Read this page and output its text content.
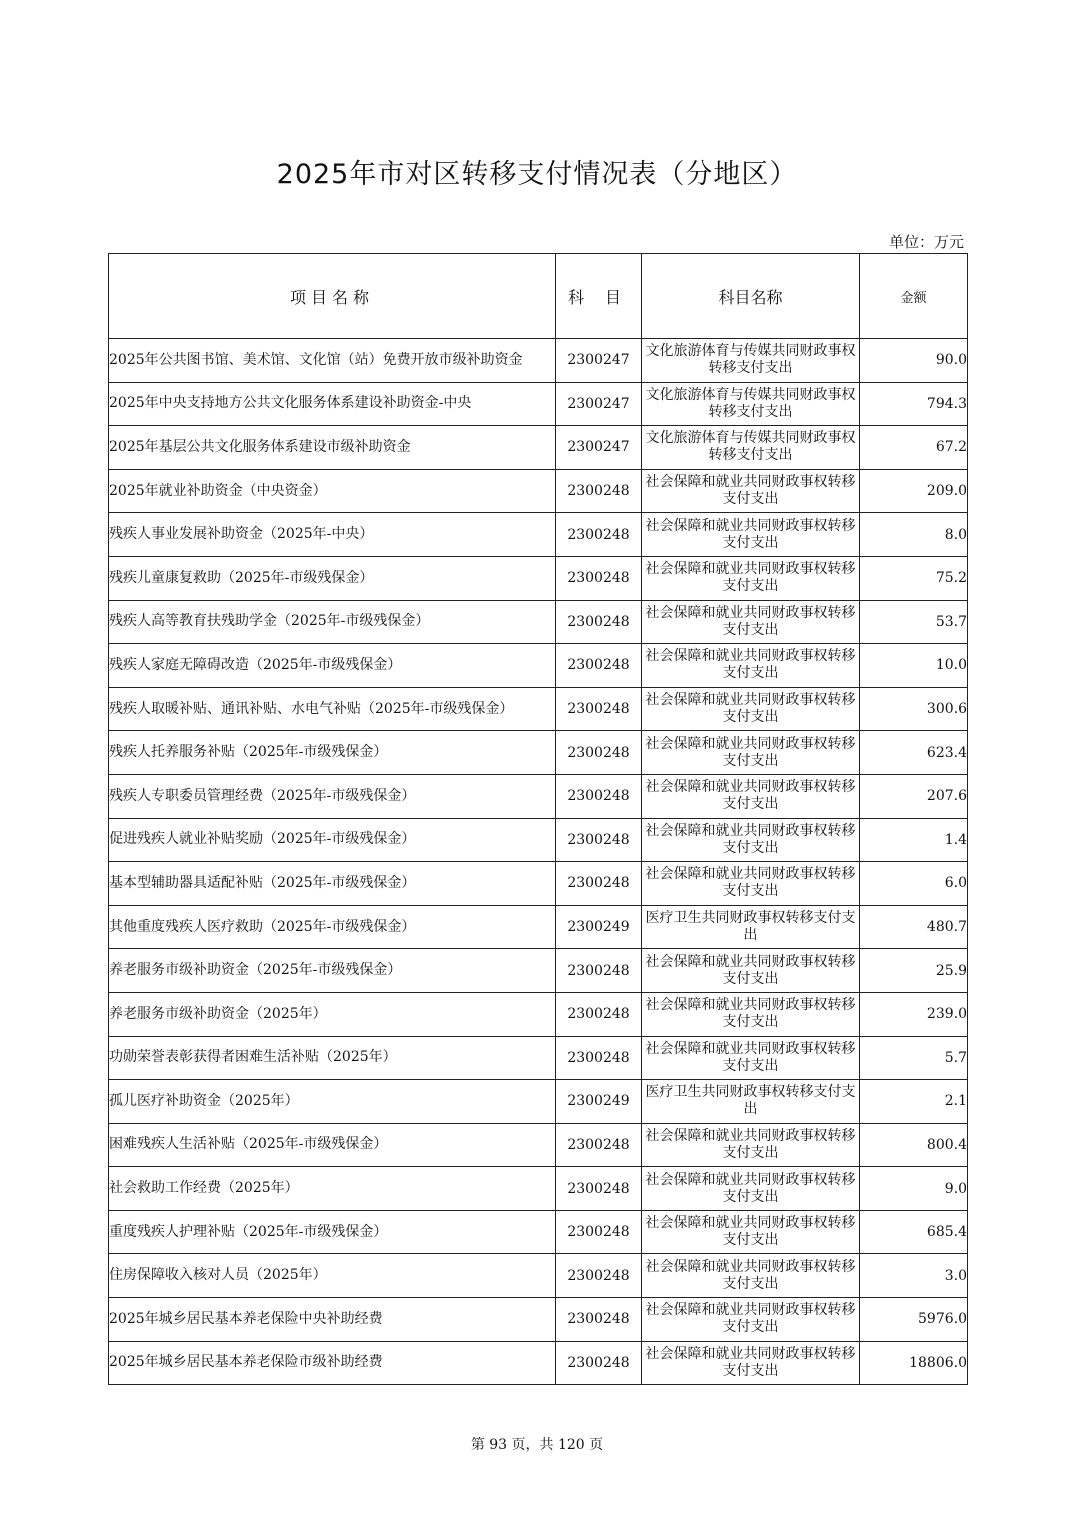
2025年市对区转移支付情况表（分地区）
单位：万元
项目名称	科 目	科目名称	金额
2025年公共图书馆、美术馆、文化馆（站）免费开放市级补助资金	2300247	文化旅游体育与传媒共同财政事权转移支付支出	90.0
2025年中央支持地方公共文化服务体系建设补助资金-中央	2300247	文化旅游体育与传媒共同财政事权转移支付支出	794.3
2025年基层公共文化服务体系建设市级补助资金	2300247	文化旅游体育与传媒共同财政事权转移支付支出	67.2
2025年就业补助资金（中央资金）	2300248	社会保障和就业共同财政事权转移支付支出	209.0
残疾人事业发展补助资金（2025年-中央）	2300248	社会保障和就业共同财政事权转移支付支出	8.0
残疾儿童康复救助（2025年-市级残保金）	2300248	社会保障和就业共同财政事权转移支付支出	75.2
残疾人高等教育扶残助学金（2025年-市级残保金）	2300248	社会保障和就业共同财政事权转移支付支出	53.7
残疾人家庭无障碍改造（2025年-市级残保金）	2300248	社会保障和就业共同财政事权转移支付支出	10.0
残疾人取暖补贴、通讯补贴、水电气补贴（2025年-市级残保金）	2300248	社会保障和就业共同财政事权转移支付支出	300.6
残疾人托养服务补贴（2025年-市级残保金）	2300248	社会保障和就业共同财政事权转移支付支出	623.4
残疾人专职委员管理经费（2025年-市级残保金）	2300248	社会保障和就业共同财政事权转移支付支出	207.6
促进残疾人就业补贴奖励（2025年-市级残保金）	2300248	社会保障和就业共同财政事权转移支付支出	1.4
基本型辅助器具适配补贴（2025年-市级残保金）	2300248	社会保障和就业共同财政事权转移支付支出	6.0
其他重度残疾人医疗救助（2025年-市级残保金）	2300249	医疗卫生共同财政事权转移支付支出	480.7
养老服务市级补助资金（2025年-市级残保金）	2300248	社会保障和就业共同财政事权转移支付支出	25.9
养老服务市级补助资金（2025年）	2300248	社会保障和就业共同财政事权转移支付支出	239.0
功勋荣誉表彰获得者困难生活补贴（2025年）	2300248	社会保障和就业共同财政事权转移支付支出	5.7
孤儿医疗补助资金（2025年）	2300249	医疗卫生共同财政事权转移支付支出	2.1
困难残疾人生活补贴（2025年-市级残保金）	2300248	社会保障和就业共同财政事权转移支付支出	800.4
社会救助工作经费（2025年）	2300248	社会保障和就业共同财政事权转移支付支出	9.0
重度残疾人护理补贴（2025年-市级残保金）	2300248	社会保障和就业共同财政事权转移支付支出	685.4
住房保障收入核对人员（2025年）	2300248	社会保障和就业共同财政事权转移支付支出	3.0
2025年城乡居民基本养老保险中央补助经费	2300248	社会保障和就业共同财政事权转移支付支出	5976.0
2025年城乡居民基本养老保险市级补助经费	2300248	社会保障和就业共同财政事权转移支付支出	18806.0
第 93 页，共 120 页
